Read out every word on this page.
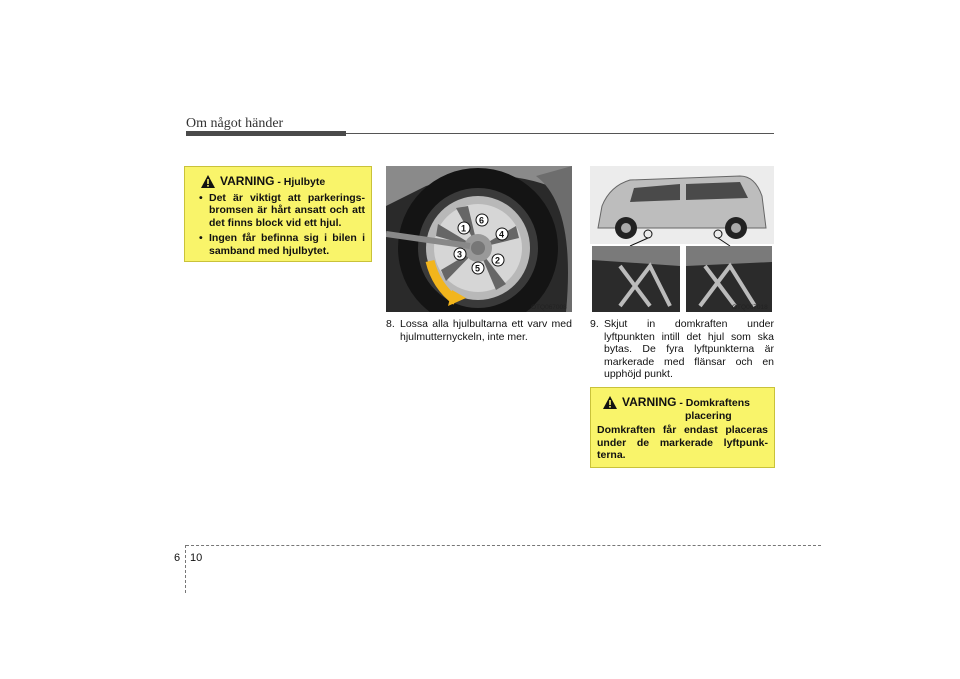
Om något händer
VARNING - Hjulbyte
• Det är viktigt att parkerings-bromsen är hårt ansatt och att det finns block vid ett hjul.
• Ingen får befinna sig i bilen i samband med hjulbytet.
1
2
3
4
5
6
OTQ067008	OTQ067018
8. Lossa alla hjulbultarna ett varv med hjulmutternyckeln, inte mer.
9. Skjut in domkraften under lyftpunkten intill det hjul som ska bytas. De fyra lyftpunkterna är markerade med flänsar och en upphöjd punkt.
VARNING - Domkraftens
placering
Domkraften får endast placeras under de markerade lyftpunk-terna.
6 10
